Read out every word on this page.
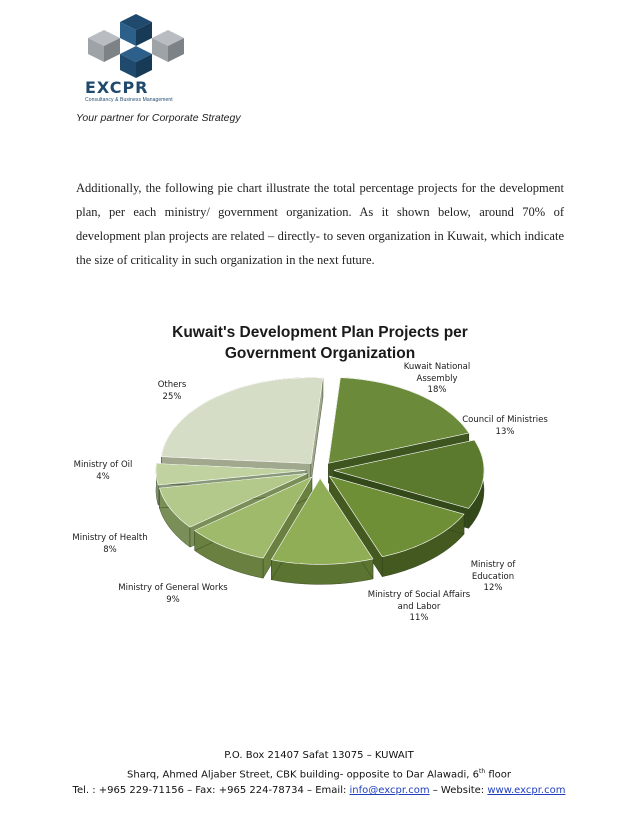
EXCPR
Consultancy & Business Management
Your partner for Corporate Strategy
Additionally, the following pie chart illustrate the total percentage projects for the development plan, per each ministry/ government organization. As it shown below, around 70% of development plan projects are related – directly- to seven organization in Kuwait, which indicate the size of criticality in such organization in the next future.
Kuwait's Development Plan Projects per Government Organization
Kuwait National Assembly
18%
Council of Ministries
13%
Ministry of Education
12%
Ministry of Social Affairs and Labor
11%
Ministry of General Works
9%
Ministry of Health
8%
Ministry of Oil
4%
Others
25%
P.O. Box 21407 Safat 13075 – KUWAIT
Sharq, Ahmed Aljaber Street, CBK building- opposite to Dar Alawadi, 6th floor
Tel. : +965 229-71156 – Fax: +965 224-78734 – Email: info@excpr.com – Website: www.excpr.com
